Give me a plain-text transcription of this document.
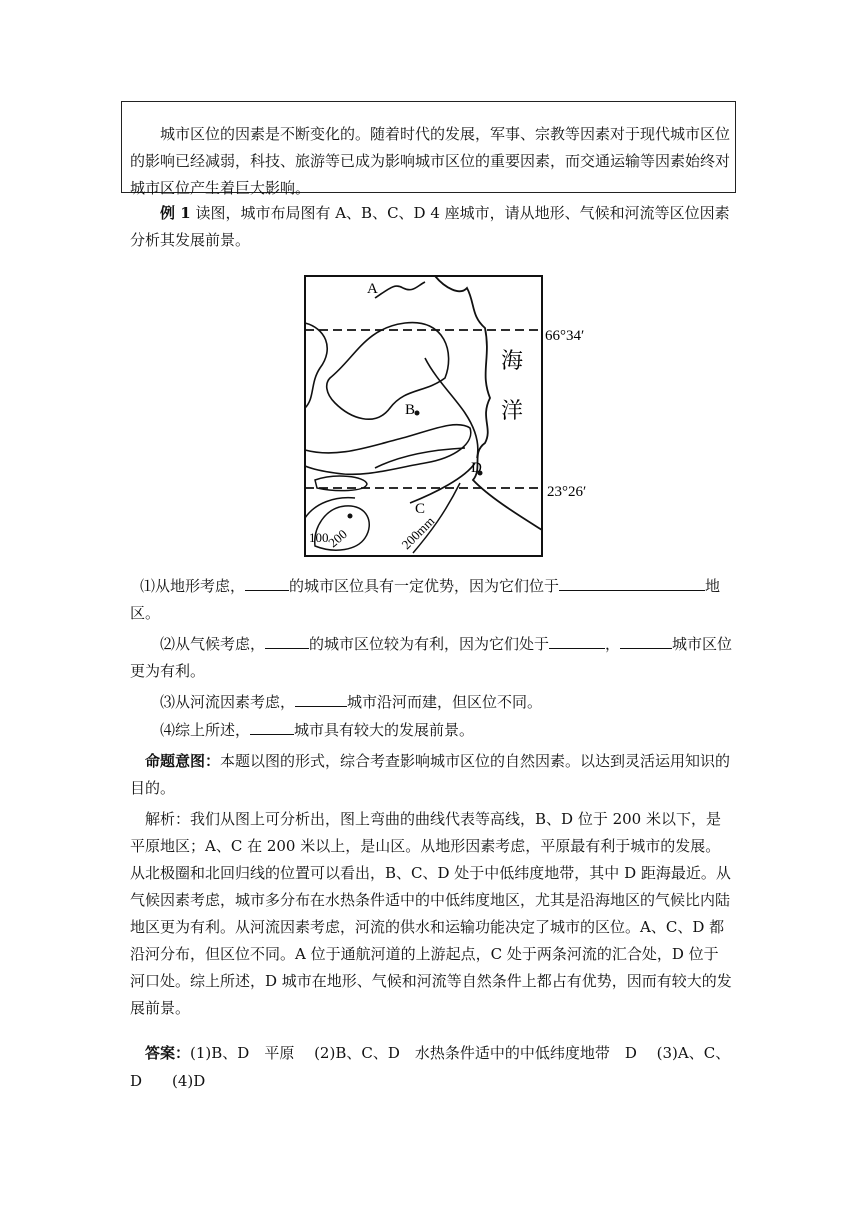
城市区位的因素是不断变化的。随着时代的发展，军事、宗教等因素对于现代城市区位的影响已经减弱，科技、旅游等已成为影响城市区位的重要因素，而交通运输等因素始终对城市区位产生着巨大影响。

例 1 读图，城市布局图有 A、B、C、D 4 座城市，请从地形、气候和河流等区位因素分析其发展前景。

A
B
C
D
海
洋
66°34′
23°26′
100
200	200mm
⑴从地形考虑，	的城市区位具有一定优势，因为它们位于	地
区。
⑵从气候考虑，	的城市区位较为有利，因为它们处于	，	城市区位
更为有利。
⑶从河流因素考虑，	城市沿河而建，但区位不同。
⑷综上所述，	城市具有较大的发展前景。

命题意图：本题以图的形式，综合考查影响城市区位的自然因素。以达到灵活运用知识的目的。

解析：我们从图上可分析出，图上弯曲的曲线代表等高线，B、D 位于 200 米以下，是平原地区；A、C 在 200 米以上，是山区。从地形因素考虑，平原最有利于城市的发展。从北极圈和北回归线的位置可以看出，B、C、D 处于中低纬度地带，其中 D 距海最近。从气候因素考虑，城市多分布在水热条件适中的中低纬度地区，尤其是沿海地区的气候比内陆地区更为有利。从河流因素考虑，河流的供水和运输功能决定了城市的区位。A、C、D 都沿河分布，但区位不同。A 位于通航河道的上游起点，C 处于两条河流的汇合处，D 位于河口处。综上所述，D 城市在地形、气候和河流等自然条件上都占有优势，因而有较大的发展前景。

答案：(1)B、D　平原　 (2)B、C、D　水热条件适中的中低纬度地带　D　 (3)A、C、
D　　(4)D
